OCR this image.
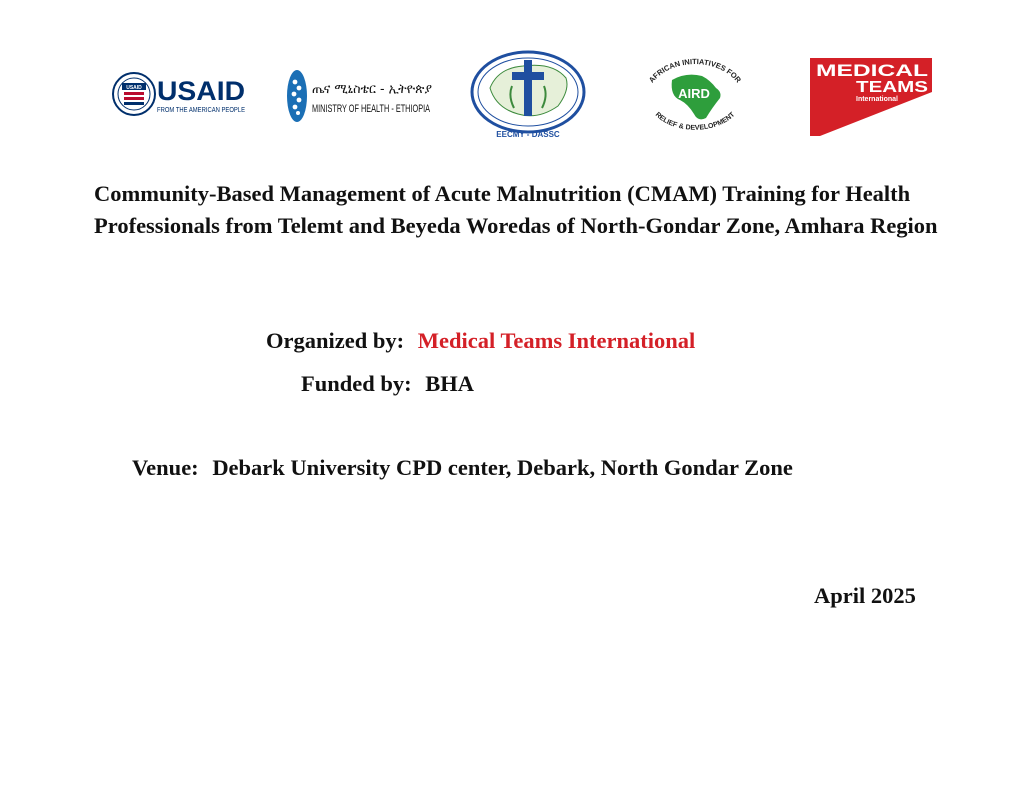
USAID USAID
FROM THE AMERICAN PEOPLE
ጤና ሚኒስቴር - ኢትዮጵያ
MINISTRY OF HEALTH - ETHIOPIA
EECMY - DASSC
AFRICAN INITIATIVES FOR
RELIEF & DEVELOPMENT
AIRD
MEDICAL
TEAMS
International

Community-Based Management of Acute Malnutrition (CMAM) Training for Health Professionals from Telemt and Beyeda Woredas of North-Gondar Zone, Amhara Region

Organized by: Medical Teams International

Funded by: BHA

Venue: Debark University CPD center, Debark, North Gondar Zone

April 2025
